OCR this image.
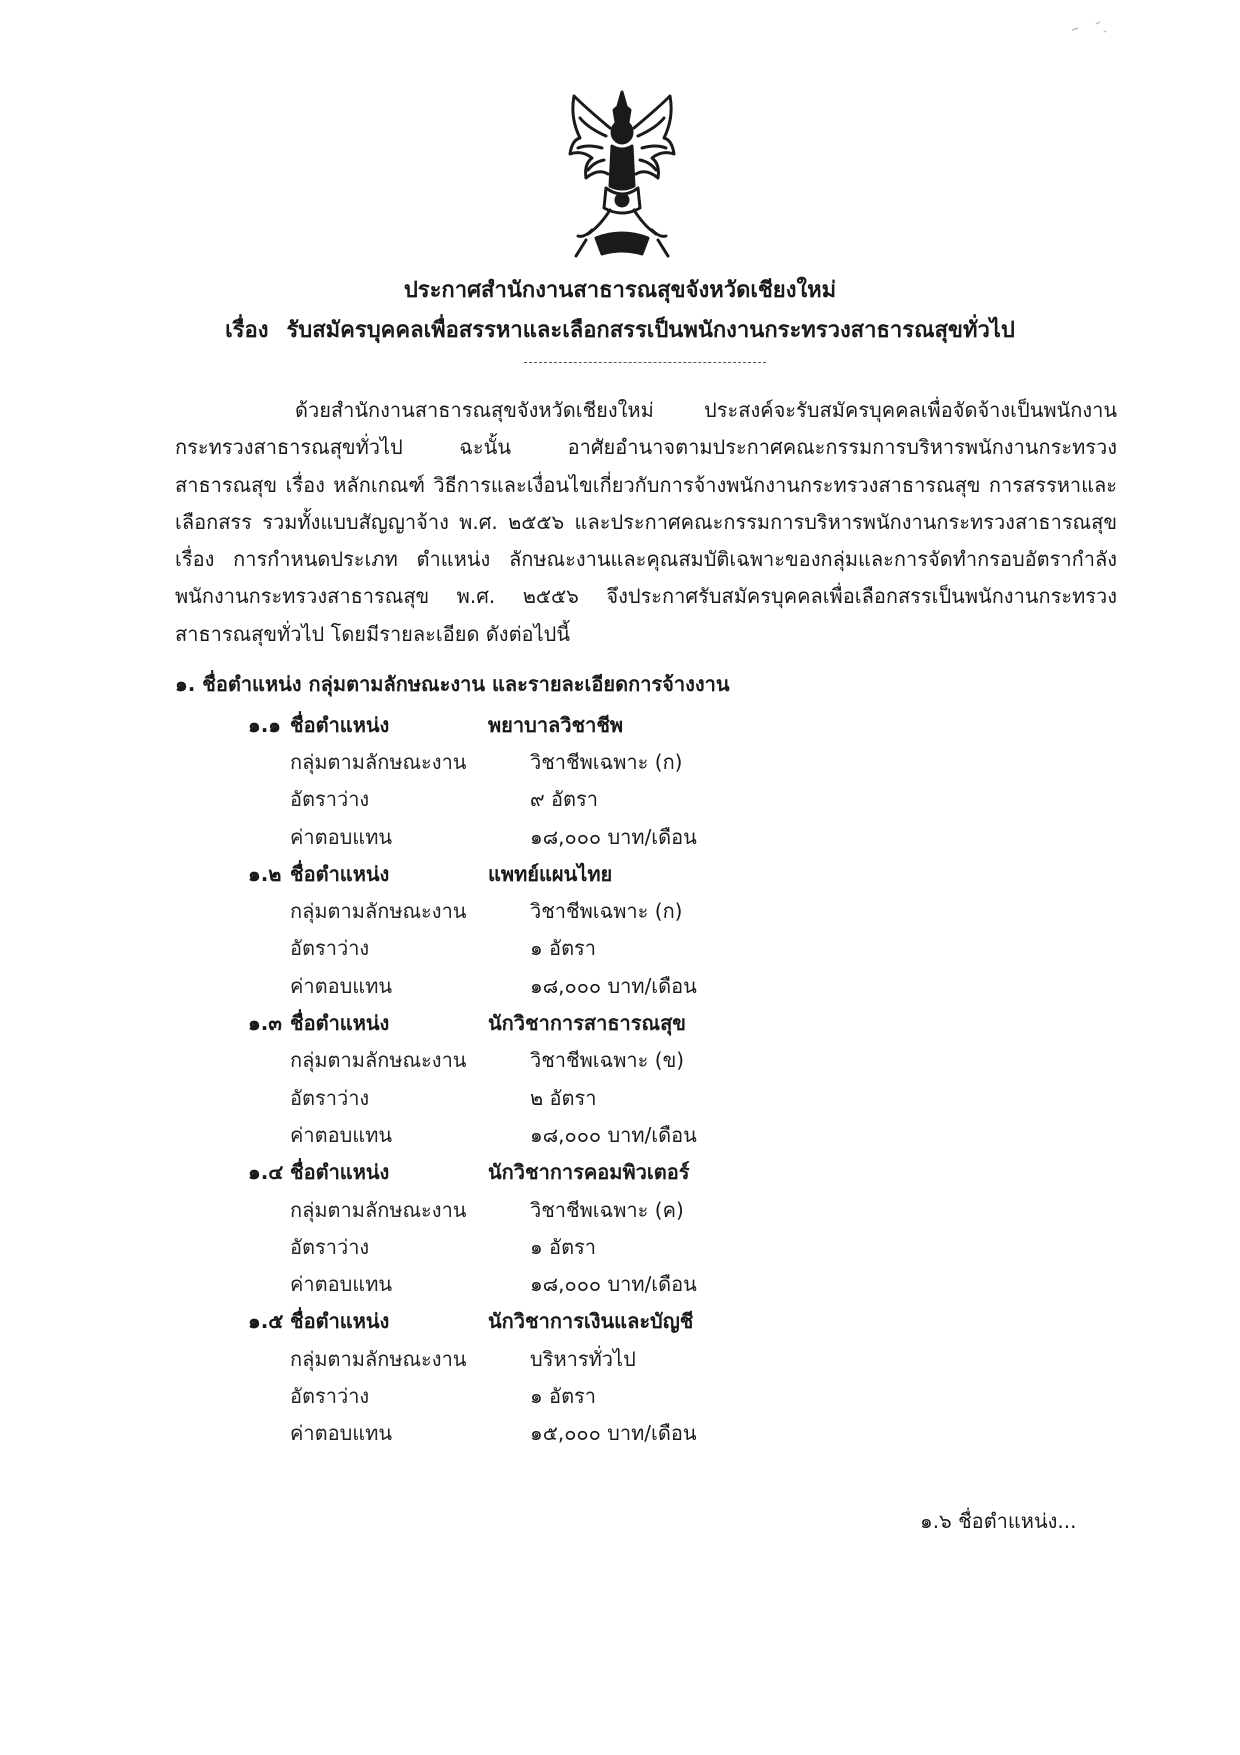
ประกาศสำนักงานสาธารณสุขจังหวัดเชียงใหม่
เรื่อง รับสมัครบุคคลเพื่อสรรหาและเลือกสรรเป็นพนักงานกระทรวงสาธารณสุขทั่วไป
ด้วยสำนักงานสาธารณสุขจังหวัดเชียงใหม่ ประสงค์จะรับสมัครบุคคลเพื่อจัดจ้างเป็นพนักงานกระทรวงสาธารณสุขทั่วไป ฉะนั้น อาศัยอำนาจตามประกาศคณะกรรมการบริหารพนักงานกระทรวงสาธารณสุข เรื่อง หลักเกณฑ์ วิธีการและเงื่อนไขเกี่ยวกับการจ้างพนักงานกระทรวงสาธารณสุข การสรรหาและเลือกสรร รวมทั้งแบบสัญญาจ้าง พ.ศ. ๒๕๕๖ และประกาศคณะกรรมการบริหารพนักงานกระทรวงสาธารณสุข เรื่อง การกำหนดประเภท ตำแหน่ง ลักษณะงานและคุณสมบัติเฉพาะของกลุ่มและการจัดทำกรอบอัตรากำลังพนักงานกระทรวงสาธารณสุข พ.ศ. ๒๕๕๖ จึงประกาศรับสมัครบุคคลเพื่อเลือกสรรเป็นพนักงานกระทรวงสาธารณสุขทั่วไป โดยมีรายละเอียด ดังต่อไปนี้
๑. ชื่อตำแหน่ง กลุ่มตามลักษณะงาน และรายละเอียดการจ้างงาน
๑.๑ ชื่อตำแหน่ง	พยาบาลวิชาชีพ
กลุ่มตามลักษณะงาน	วิชาชีพเฉพาะ (ก)
อัตราว่าง	๙ อัตรา
ค่าตอบแทน	๑๘,๐๐๐ บาท/เดือน
๑.๒ ชื่อตำแหน่ง	แพทย์แผนไทย
กลุ่มตามลักษณะงาน	วิชาชีพเฉพาะ (ก)
อัตราว่าง	๑ อัตรา
ค่าตอบแทน	๑๘,๐๐๐ บาท/เดือน
๑.๓ ชื่อตำแหน่ง	นักวิชาการสาธารณสุข
กลุ่มตามลักษณะงาน	วิชาชีพเฉพาะ (ข)
อัตราว่าง	๒ อัตรา
ค่าตอบแทน	๑๘,๐๐๐ บาท/เดือน
๑.๔ ชื่อตำแหน่ง	นักวิชาการคอมพิวเตอร์
กลุ่มตามลักษณะงาน	วิชาชีพเฉพาะ (ค)
อัตราว่าง	๑ อัตรา
ค่าตอบแทน	๑๘,๐๐๐ บาท/เดือน
๑.๕ ชื่อตำแหน่ง	นักวิชาการเงินและบัญชี
กลุ่มตามลักษณะงาน	บริหารทั่วไป
อัตราว่าง	๑ อัตรา
ค่าตอบแทน	๑๕,๐๐๐ บาท/เดือน
๑.๖ ชื่อตำแหน่ง...
